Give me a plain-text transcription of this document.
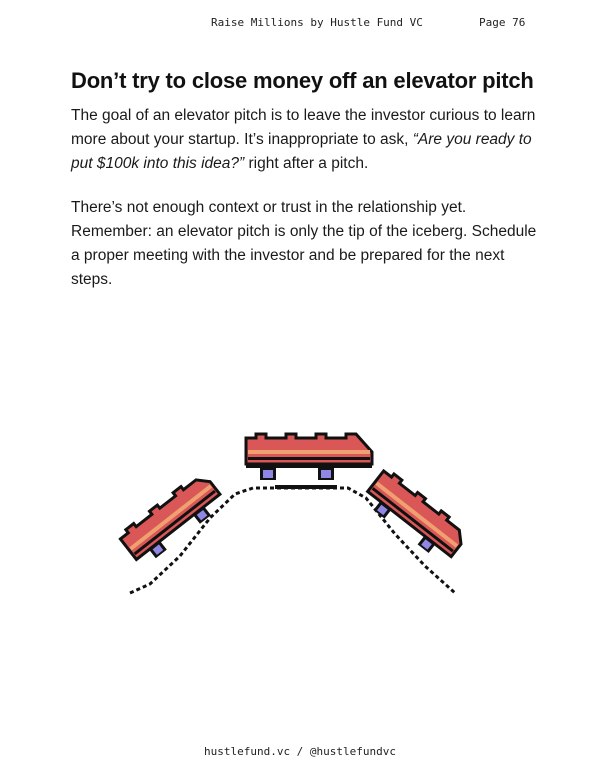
Raise Millions by Hustle Fund VC	Page 76
Don’t try to close money off an elevator pitch

The goal of an elevator pitch is to leave the investor curious to learn more about your startup. It’s inappropriate to ask, “Are you ready to put $100k into this idea?” right after a pitch.

There’s not enough context or trust in the relationship yet. Remember: an elevator pitch is only the tip of the iceberg. Schedule a proper meeting with the investor and be prepared for the next steps.

hustlefund.vc / @hustlefundvc
